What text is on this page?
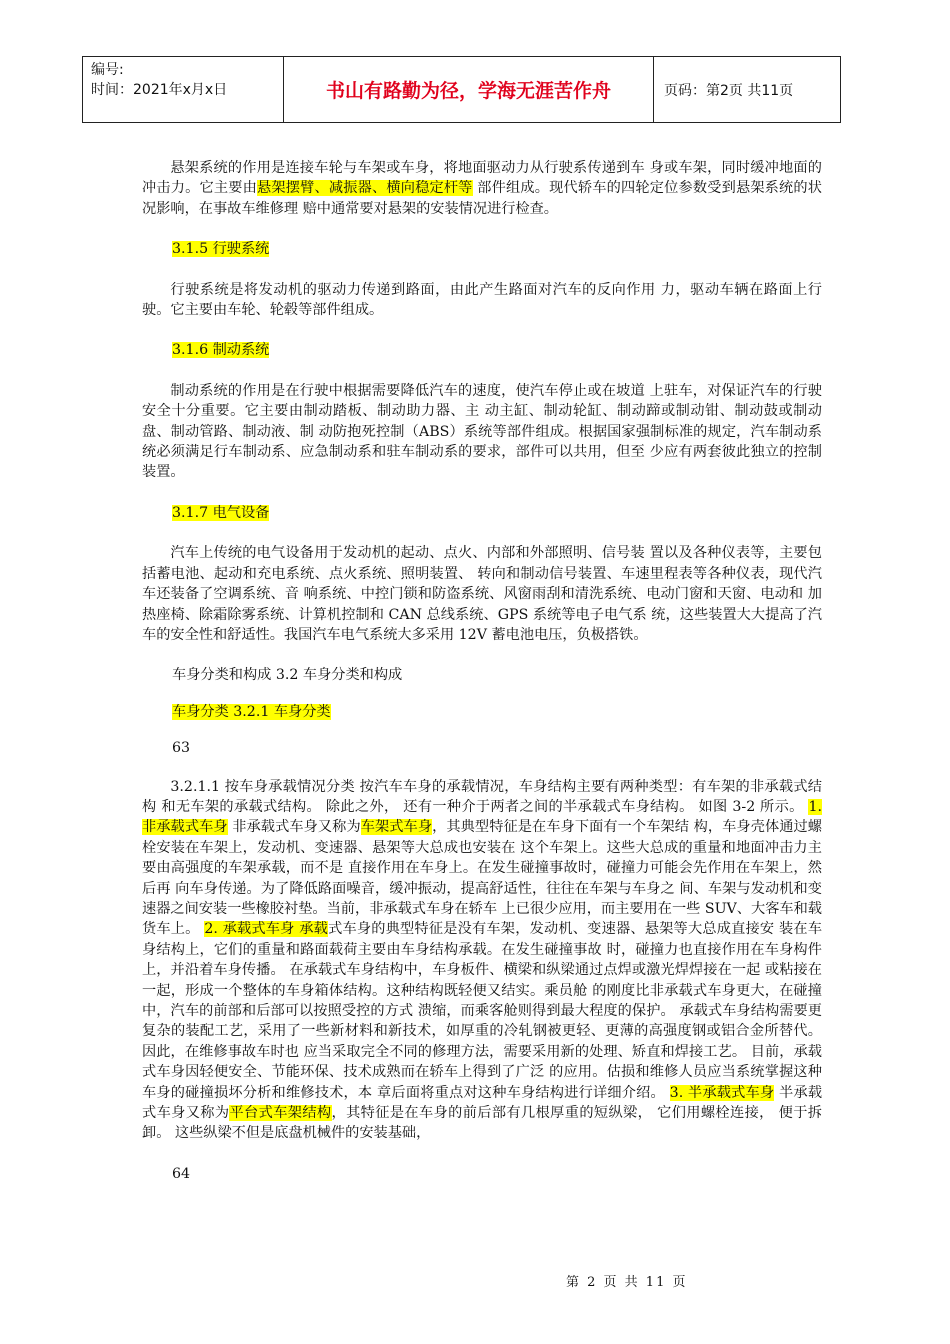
编号:
时间：2021年x月x日	书山有路勤为径，学海无涯苦作舟	页码：第2页 共11页

悬架系统的作用是连接车轮与车架或车身，将地面驱动力从行驶系传递到车 身或车架，同时缓冲地面的冲击力。它主要由悬架摆臂、减振器、横向稳定杆等 部件组成。现代轿车的四轮定位参数受到悬架系统的状况影响，在事故车维修理 赔中通常要对悬架的安装情况进行检查。

3.1.5 行驶系统

行驶系统是将发动机的驱动力传递到路面，由此产生路面对汽车的反向作用 力，驱动车辆在路面上行驶。它主要由车轮、轮毂等部件组成。

3.1.6 制动系统

制动系统的作用是在行驶中根据需要降低汽车的速度，使汽车停止或在坡道 上驻车，对保证汽车的行驶安全十分重要。它主要由制动踏板、制动助力器、主 动主缸、制动轮缸、制动蹄或制动钳、制动鼓或制动盘、制动管路、制动液、制 动防抱死控制（ABS）系统等部件组成。根据国家强制标准的规定，汽车制动系 统必须满足行车制动系、应急制动系和驻车制动系的要求，部件可以共用，但至 少应有两套彼此独立的控制装置。

3.1.7 电气设备

汽车上传统的电气设备用于发动机的起动、点火、内部和外部照明、信号装 置以及各种仪表等，主要包括蓄电池、起动和充电系统、点火系统、照明装置、 转向和制动信号装置、车速里程表等各种仪表，现代汽车还装备了空调系统、音 响系统、中控门锁和防盗系统、风窗雨刮和清洗系统、电动门窗和天窗、电动和 加热座椅、除霜除雾系统、计算机控制和 CAN 总线系统、GPS 系统等电子电气系 统，这些装置大大提高了汽车的安全性和舒适性。我国汽车电气系统大多采用 12V 蓄电池电压，负极搭铁。

车身分类和构成 3.2 车身分类和构成

车身分类 3.2.1 车身分类

63

3.2.1.1 按车身承载情况分类 按汽车车身的承载情况，车身结构主要有两种类型：有车架的非承载式结构 和无车架的承载式结构。 除此之外， 还有一种介于两者之间的半承载式车身结构。 如图 3-2 所示。 1. 非承载式车身 非承载式车身又称为车架式车身，其典型特征是在车身下面有一个车架结 构，车身壳体通过螺栓安装在车架上，发动机、变速器、悬架等大总成也安装在 这个车架上。这些大总成的重量和地面冲击力主要由高强度的车架承载，而不是 直接作用在车身上。在发生碰撞事故时，碰撞力可能会先作用在车架上，然后再 向车身传递。为了降低路面噪音，缓冲振动，提高舒适性，往往在车架与车身之 间、车架与发动机和变速器之间安装一些橡胶衬垫。当前，非承载式车身在轿车 上已很少应用，而主要用在一些 SUV、大客车和载货车上。 2. 承载式车身 承载式车身的典型特征是没有车架，发动机、变速器、悬架等大总成直接安 装在车身结构上，它们的重量和路面载荷主要由车身结构承载。在发生碰撞事故 时，碰撞力也直接作用在车身构件上，并沿着车身传播。 在承载式车身结构中，车身板件、横梁和纵梁通过点焊或激光焊焊接在一起 或粘接在一起，形成一个整体的车身箱体结构。这种结构既轻便又结实。乘员舱 的刚度比非承载式车身更大，在碰撞中，汽车的前部和后部可以按照受控的方式 溃缩，而乘客舱则得到最大程度的保护。 承载式车身结构需要更复杂的装配工艺，采用了一些新材料和新技术，如厚重的冷轧钢被更轻、更薄的高强度钢或铝合金所替代。因此，在维修事故车时也 应当采取完全不同的修理方法，需要采用新的处理、矫直和焊接工艺。 目前，承载式车身因轻便安全、节能环保、技术成熟而在轿车上得到了广泛 的应用。估损和维修人员应当系统掌握这种车身的碰撞损坏分析和维修技术，本 章后面将重点对这种车身结构进行详细介绍。 3. 半承载式车身 半承载式车身又称为平台式车架结构，其特征是在车身的前后部有几根厚重的短纵梁， 它们用螺栓连接， 便于拆卸。 这些纵梁不但是底盘机械件的安装基础，

64

第 2 页 共 11 页
